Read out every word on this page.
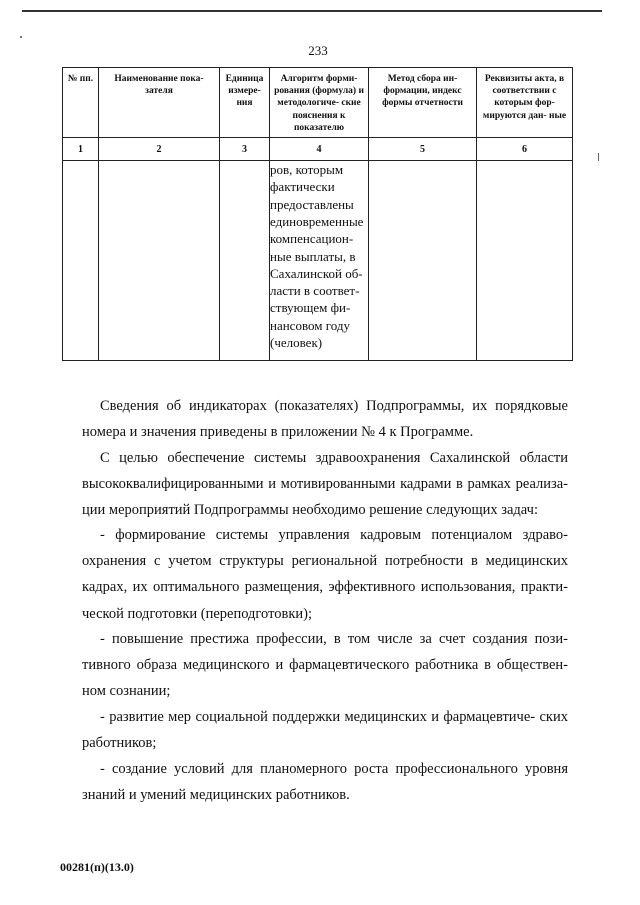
233
№ пп.	Наименование пока- зателя	Единица измере- ния	Алгоритм форми- рования (формула) и методологиче- ские пояснения к показателю	Метод сбора ин- формации, индекс формы отчетности	Реквизиты акта, в соответствии с которым фор- мируются дан- ные
1	2	3	4	5	6
			ров, которым фактически предоставлены единовременные компенсацион- ные выплаты, в Сахалинской об- ласти в соответ- ствующем фи- нансовом году (человек)		

Сведения об индикаторах (показателях) Подпрограммы, их порядковые номера и значения приведены в приложении № 4 к Программе.

С целью обеспечение системы здравоохранения Сахалинской области высококвалифицированными и мотивированными кадрами в рамках реализа- ции мероприятий Подпрограммы необходимо решение следующих задач:

- формирование системы управления кадровым потенциалом здраво- охранения с учетом структуры региональной потребности в медицинских кадрах, их оптимального размещения, эффективного использования, практи- ческой подготовки (переподготовки);

- повышение престижа профессии, в том числе за счет создания пози- тивного образа медицинского и фармацевтического работника в обществен- ном сознании;

- развитие мер социальной поддержки медицинских и фармацевтиче- ских работников;

- создание условий для планомерного роста профессионального уровня знаний и умений медицинских работников.

00281(п)(13.0)
